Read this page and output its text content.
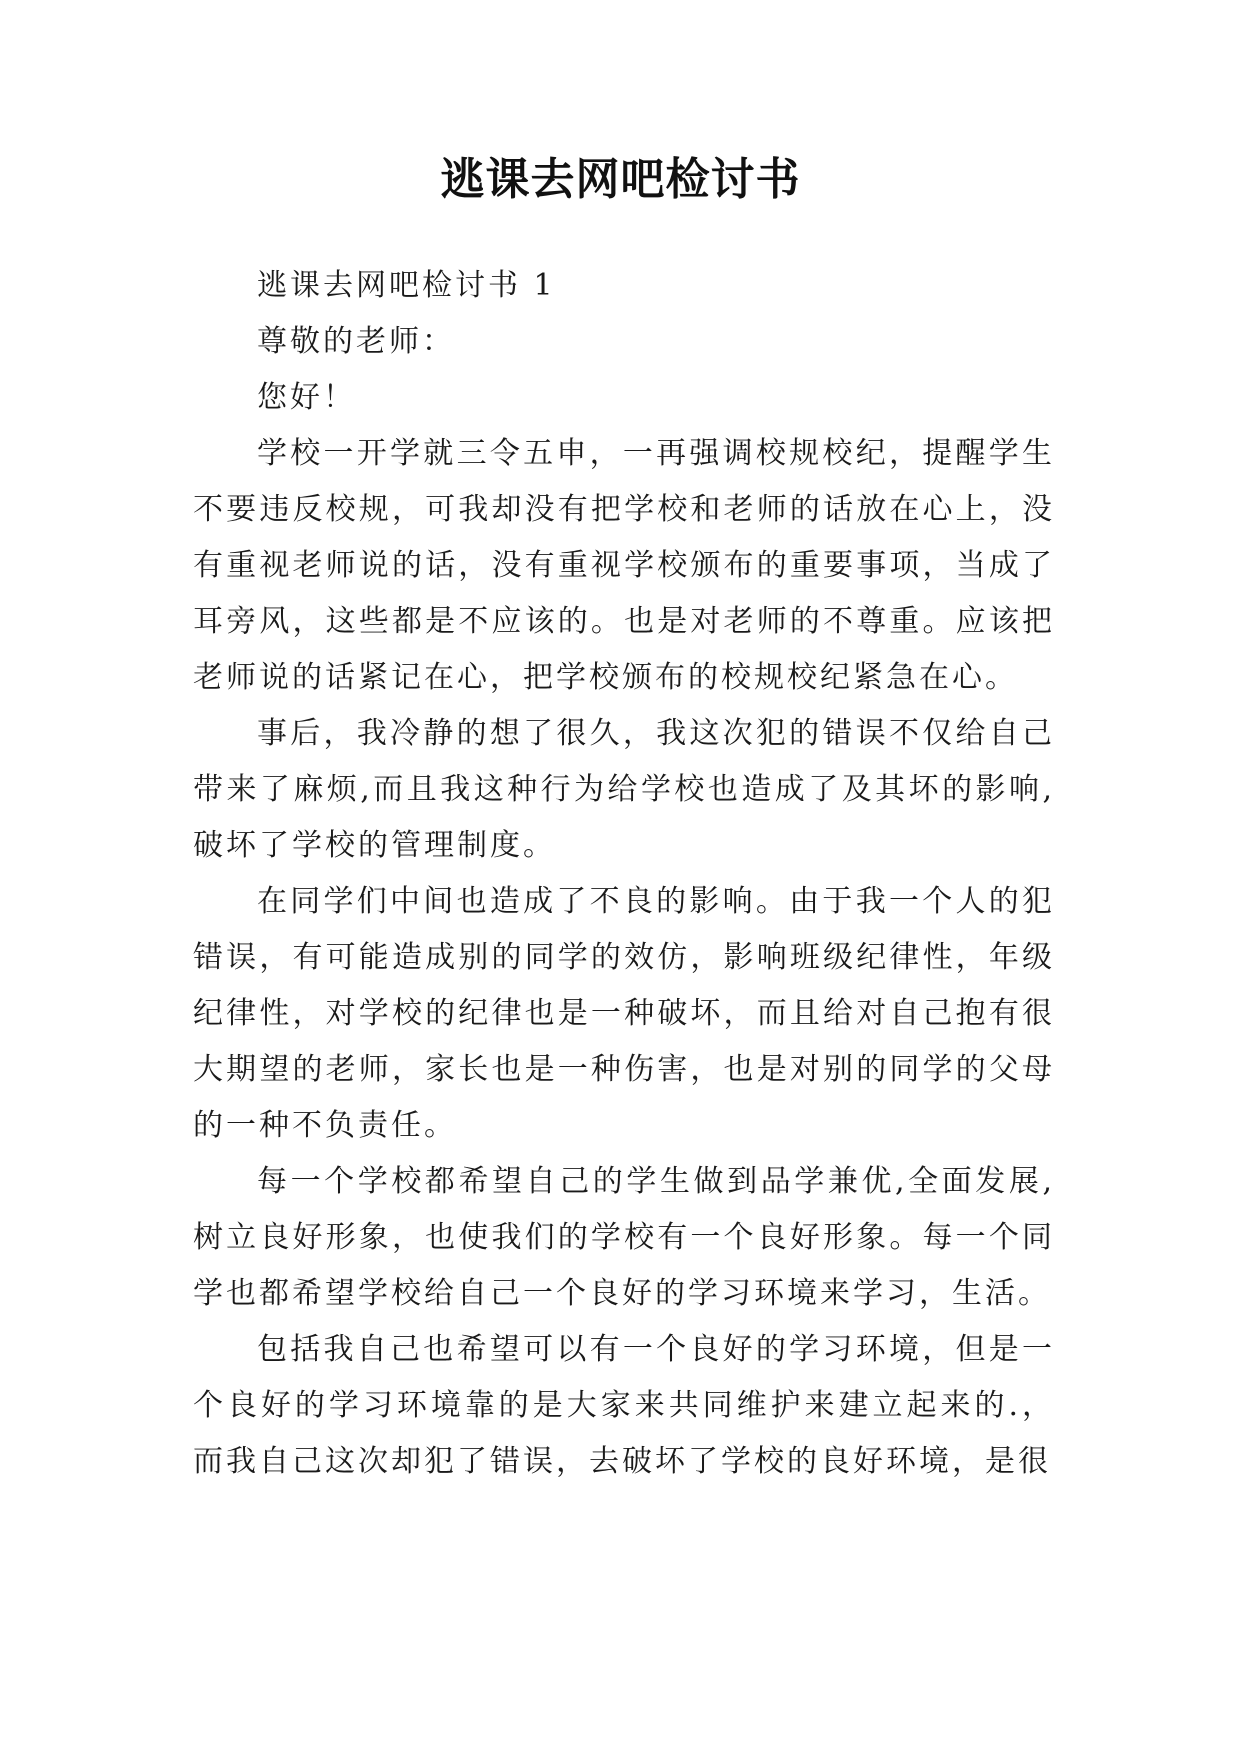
逃课去网吧检讨书

逃课去网吧检讨书 1

尊敬的老师：

您好！

学校一开学就三令五申，一再强调校规校纪，提醒学生不要违反校规，可我却没有把学校和老师的话放在心上，没有重视老师说的话，没有重视学校颁布的重要事项，当成了耳旁风，这些都是不应该的。也是对老师的不尊重。应该把老师说的话紧记在心，把学校颁布的校规校纪紧急在心。

事后，我冷静的想了很久，我这次犯的错误不仅给自己带来了麻烦,而且我这种行为给学校也造成了及其坏的影响,破坏了学校的管理制度。

在同学们中间也造成了不良的影响。由于我一个人的犯错误，有可能造成别的同学的效仿，影响班级纪律性，年级纪律性，对学校的纪律也是一种破坏，而且给对自己抱有很大期望的老师，家长也是一种伤害，也是对别的同学的父母的一种不负责任。

每一个学校都希望自己的学生做到品学兼优,全面发展,树立良好形象，也使我们的学校有一个良好形象。每一个同学也都希望学校给自己一个良好的学习环境来学习，生活。

包括我自己也希望可以有一个良好的学习环境，但是一个良好的学习环境靠的是大家来共同维护来建立起来的.，而我自己这次却犯了错误，去破坏了学校的良好环境，是很
